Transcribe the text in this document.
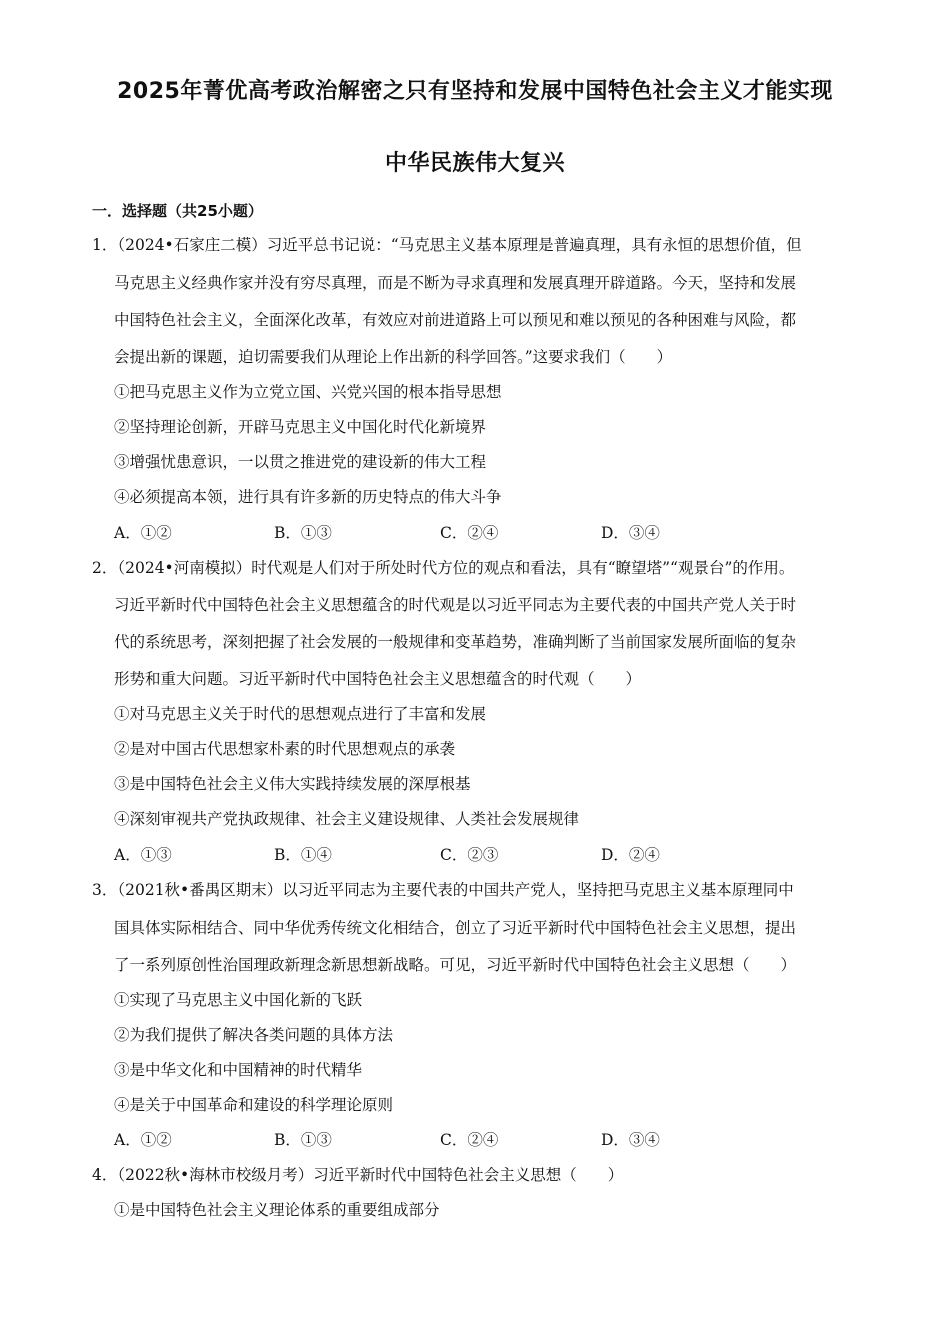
2025年菁优高考政治解密之只有坚持和发展中国特色社会主义才能实现
中华民族伟大复兴
一．选择题（共25小题）
1．（2024•石家庄二模）习近平总书记说：“马克思主义基本原理是普遍真理，具有永恒的思想价值，但
马克思主义经典作家并没有穷尽真理，而是不断为寻求真理和发展真理开辟道路。今天，坚持和发展
中国特色社会主义，全面深化改革，有效应对前进道路上可以预见和难以预见的各种困难与风险，都
会提出新的课题，迫切需要我们从理论上作出新的科学回答。”这要求我们（　　）
①把马克思主义作为立党立国、兴党兴国的根本指导思想
②坚持理论创新，开辟马克思主义中国化时代化新境界
③增强忧患意识，一以贯之推进党的建设新的伟大工程
④必须提高本领，进行具有许多新的历史特点的伟大斗争
A．①②	B．①③	C．②④	D．③④
2．（2024•河南模拟）时代观是人们对于所处时代方位的观点和看法，具有“瞭望塔”“观景台”的作用。
习近平新时代中国特色社会主义思想蕴含的时代观是以习近平同志为主要代表的中国共产党人关于时
代的系统思考，深刻把握了社会发展的一般规律和变革趋势，准确判断了当前国家发展所面临的复杂
形势和重大问题。习近平新时代中国特色社会主义思想蕴含的时代观（　　）
①对马克思主义关于时代的思想观点进行了丰富和发展
②是对中国古代思想家朴素的时代思想观点的承袭
③是中国特色社会主义伟大实践持续发展的深厚根基
④深刻审视共产党执政规律、社会主义建设规律、人类社会发展规律
A．①③	B．①④	C．②③	D．②④
3．（2021秋•番禺区期末）以习近平同志为主要代表的中国共产党人，坚持把马克思主义基本原理同中
国具体实际相结合、同中华优秀传统文化相结合，创立了习近平新时代中国特色社会主义思想，提出
了一系列原创性治国理政新理念新思想新战略。可见，习近平新时代中国特色社会主义思想（　　）
①实现了马克思主义中国化新的飞跃
②为我们提供了解决各类问题的具体方法
③是中华文化和中国精神的时代精华
④是关于中国革命和建设的科学理论原则
A．①②	B．①③	C．②④	D．③④
4．（2022秋•海林市校级月考）习近平新时代中国特色社会主义思想（　　）
①是中国特色社会主义理论体系的重要组成部分
